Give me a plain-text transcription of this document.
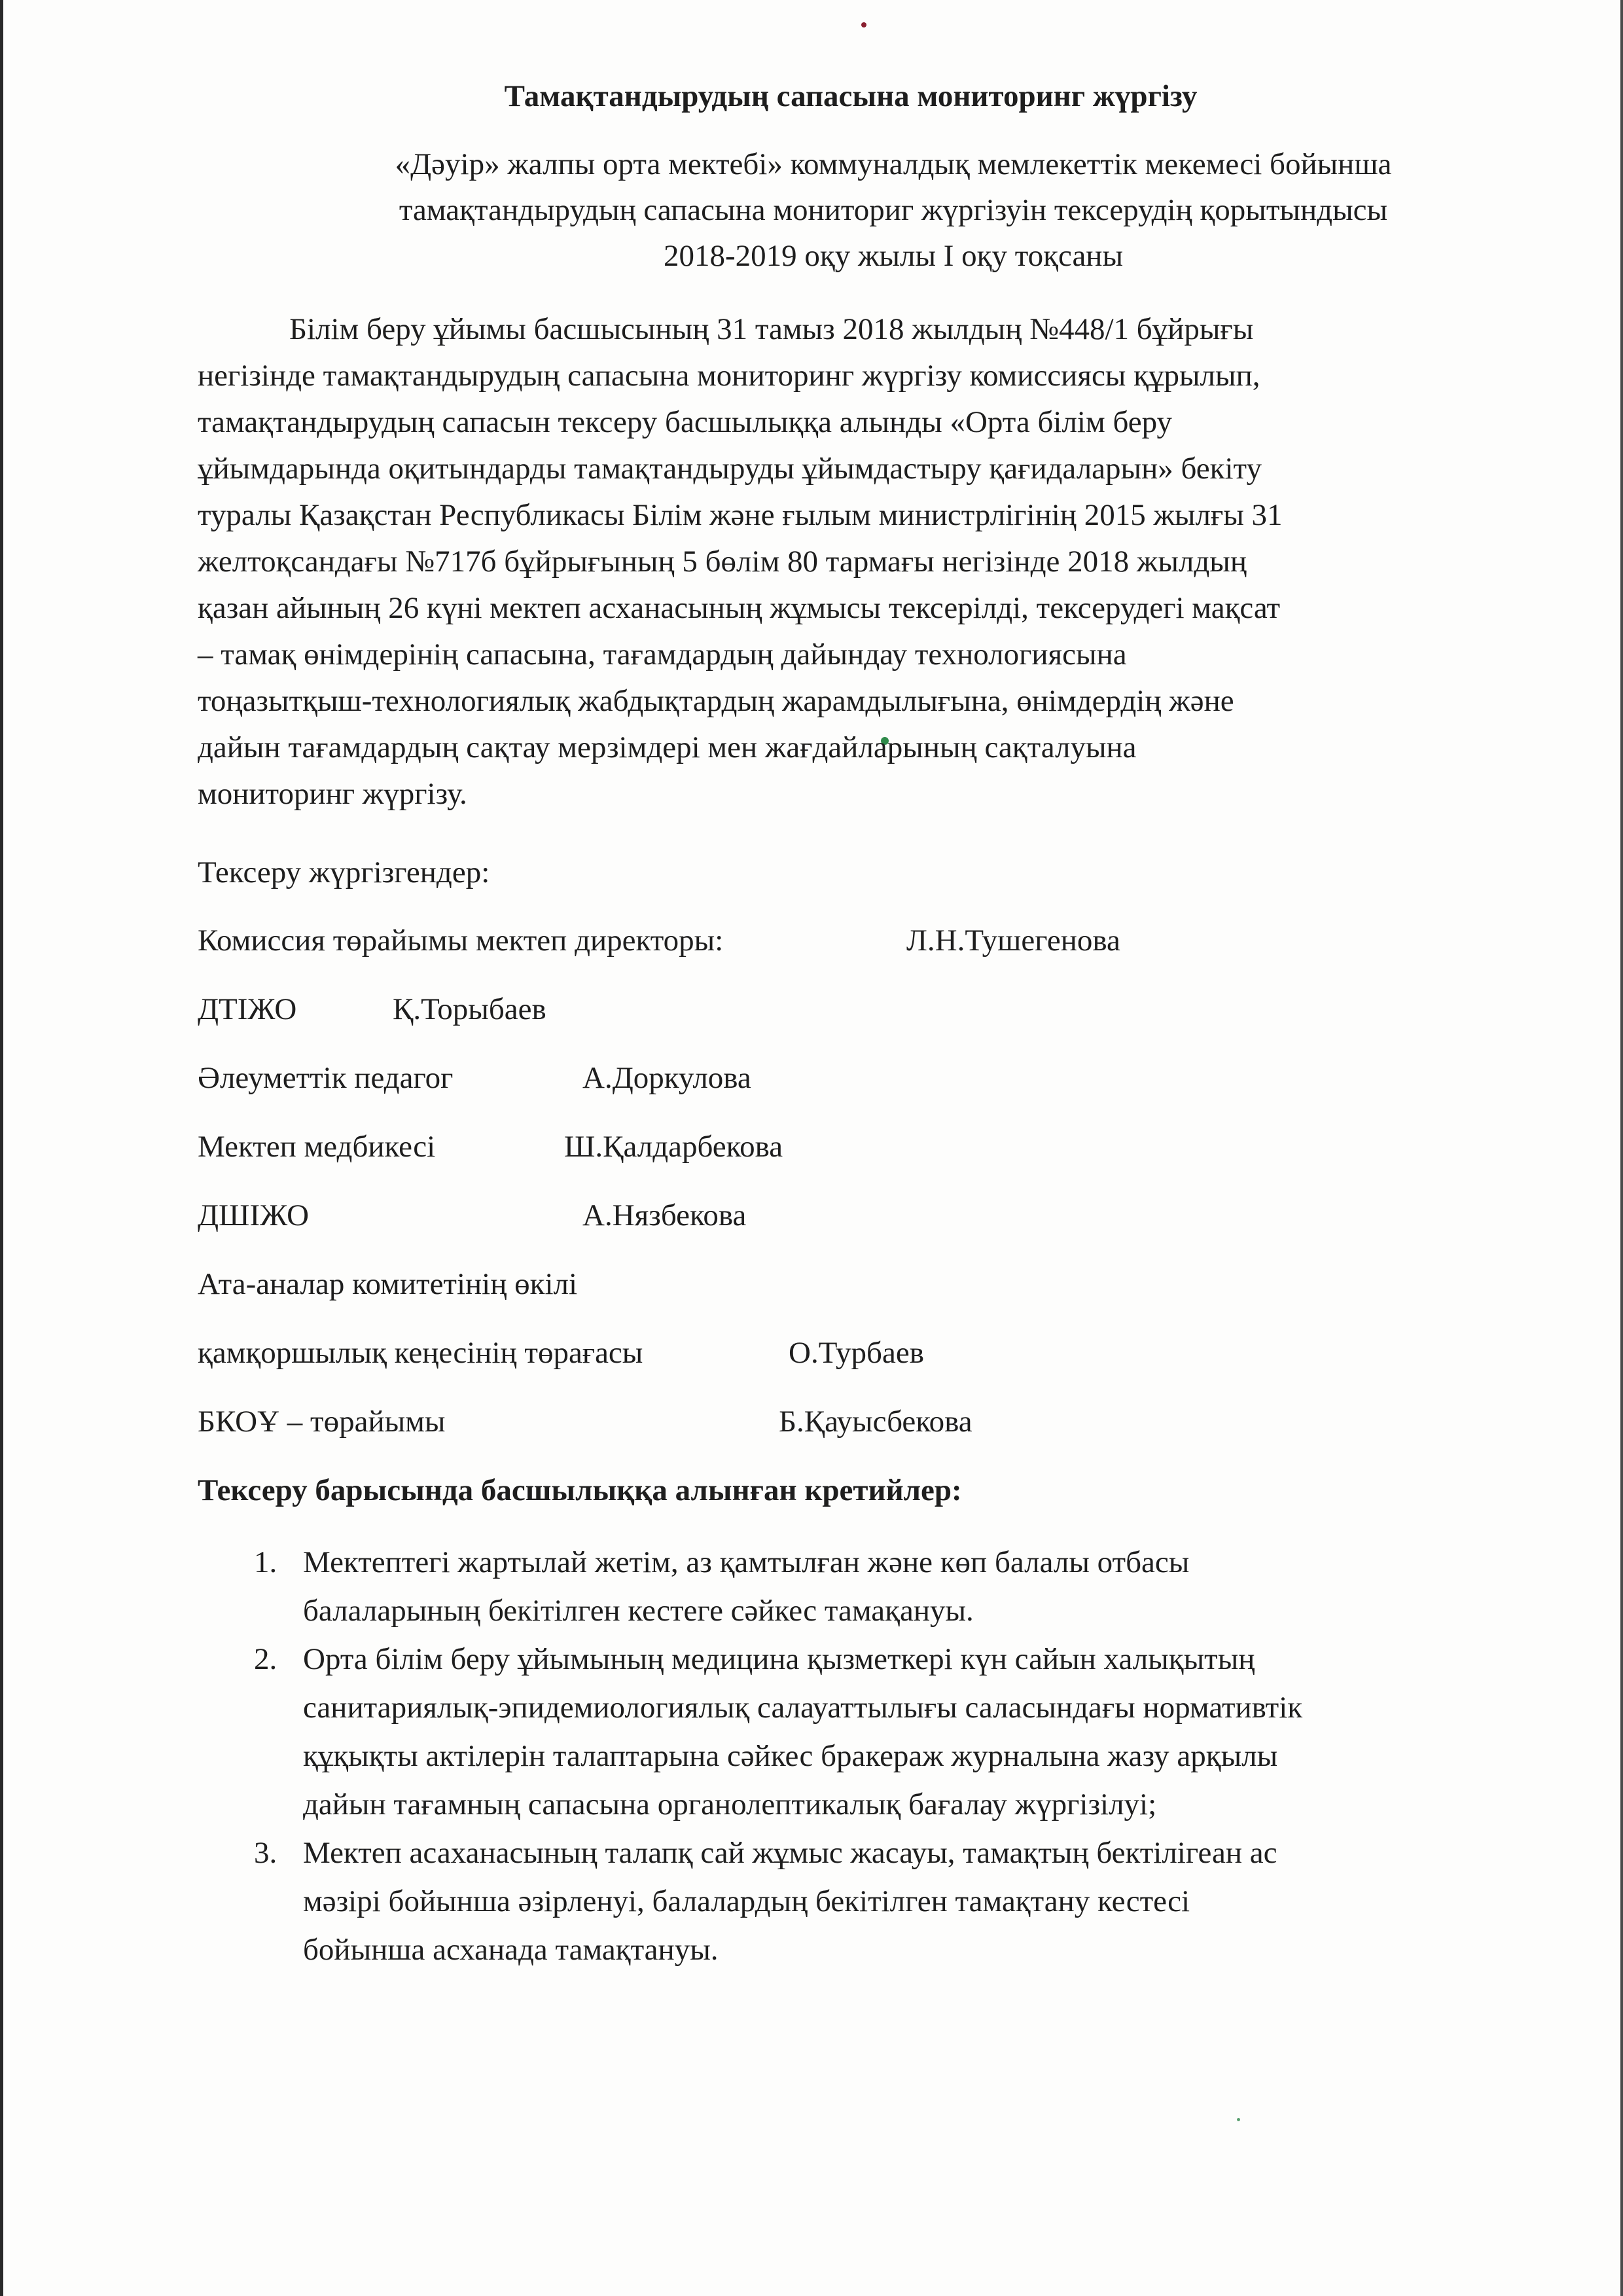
Тамақтандырудың сапасына мониторинг жүргізу
«Дәуір» жалпы орта мектебі» коммуналдық мемлекеттік мекемесі бойынша
тамақтандырудың сапасына мониториг жүргізуін тексерудің қорытындысы
2018-2019 оқу жылы I оқу тоқсаны
Білім беру ұйымы басшысының 31 тамыз 2018 жылдың №448/1 бұйрығы
негізінде тамақтандырудың сапасына мониторинг жүргізу комиссиясы құрылып,
тамақтандырудың сапасын тексеру басшылыққа алынды «Орта білім беру
ұйымдарында оқитындарды тамақтандыруды ұйымдастыру қағидаларын» бекіту
туралы Қазақстан Республикасы Білім және ғылым министрлігінің 2015 жылғы 31
желтоқсандағы №717б бұйрығының 5 бөлім 80 тармағы негізінде 2018 жылдың
қазан айының 26 күні мектеп асханасының жұмысы тексерілді, тексерудегі мақсат
– тамақ өнімдерінің сапасына, тағамдардың дайындау технологиясына
тоңазытқыш-технологиялық жабдықтардың жарамдылығына, өнімдердің және
дайын тағамдардың сақтау мерзімдері мен жағдайларының сақталуына
мониторинг жүргізу.
Тексеру жүргізгендер:
Комиссия төрайымы мектеп директоры:	Л.Н.Тушегенова
ДТІЖО	Қ.Торыбаев
Әлеуметтік педагог	А.Доркулова
Мектеп медбикесі	Ш.Қалдарбекова
ДШІЖО	А.Нязбекова
Ата-аналар комитетінің өкілі
қамқоршылық кеңесінің төрағасы	О.Турбаев
БКОҰ – төрайымы	Б.Қауысбекова
Тексеру барысында басшылыққа алынған кретийлер:
1. Мектептегі жартылай жетім, аз қамтылған және көп балалы отбасы
балаларының бекітілген кестеге сәйкес тамақануы.
2. Орта білім беру ұйымының медицина қызметкері күн сайын халықытың
санитариялық-эпидемиологиялық салауаттылығы саласындағы нормативтік
құқықты актілерін талаптарына сәйкес бракераж журналына жазу арқылы
дайын тағамның сапасына органолептикалық бағалау жүргізілуі;
3. Мектеп асаханасының талапқ сай жұмыс жасауы, тамақтың бектілігеан ас
мәзірі бойынша әзірленуі, балалардың бекітілген тамақтану кестесі
бойынша асханада тамақтануы.
